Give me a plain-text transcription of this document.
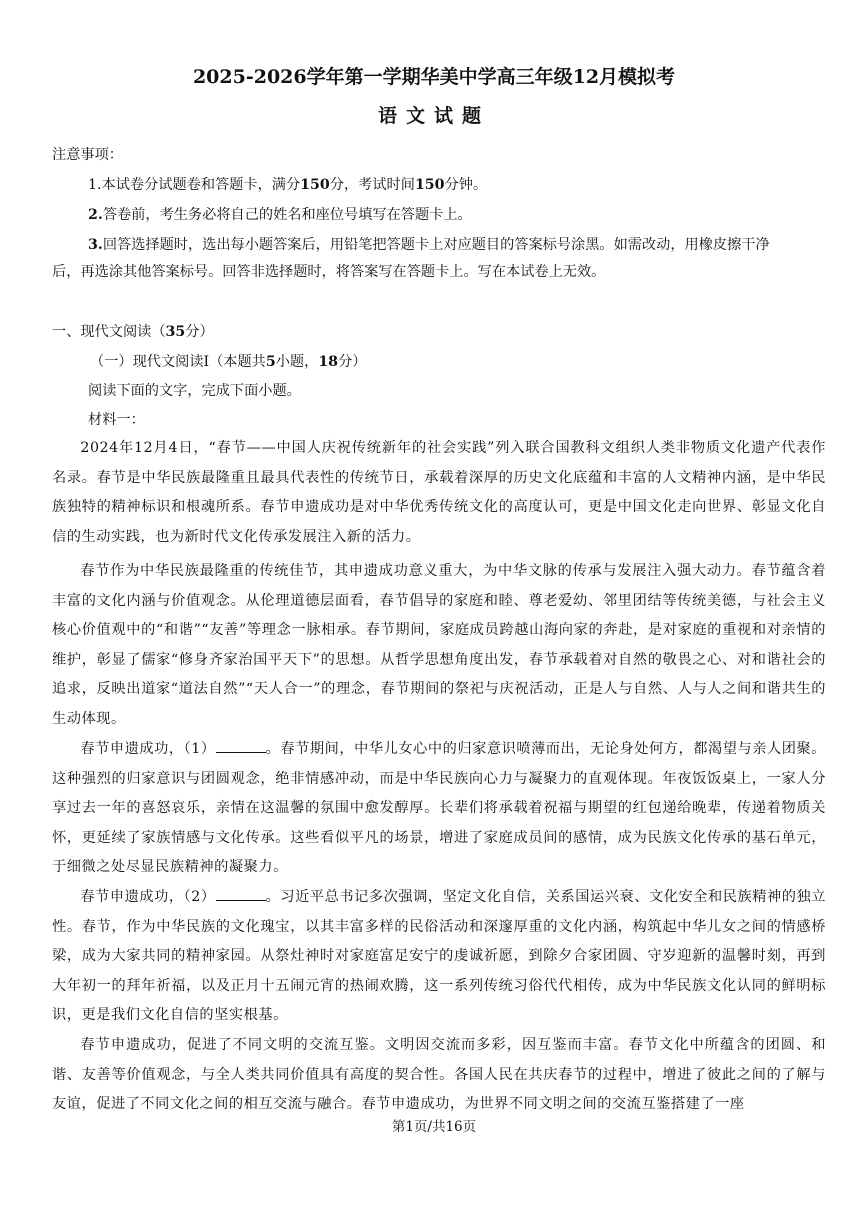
2025-2026学年第一学期华美中学高三年级12月模拟考
语文试题
注意事项：
1.本试卷分试题卷和答题卡，满分150分，考试时间150分钟。
2.答卷前，考生务必将自己的姓名和座位号填写在答题卡上。
3.回答选择题时，选出每小题答案后，用铅笔把答题卡上对应题目的答案标号涂黑。如需改动，用橡皮擦干净
后，再选涂其他答案标号。回答非选择题时，将答案写在答题卡上。写在本试卷上无效。
一、现代文阅读（35分）
（一）现代文阅读Ⅰ（本题共5小题，18分）
阅读下面的文字，完成下面小题。
材料一：
2024年12月4日，“春节——中国人庆祝传统新年的社会实践”列入联合国教科文组织人类非物质文化遗产代表作名录。春节是中华民族最隆重且最具代表性的传统节日，承载着深厚的历史文化底蕴和丰富的人文精神内涵，是中华民族独特的精神标识和根魂所系。春节申遗成功是对中华优秀传统文化的高度认可，更是中国文化走向世界、彰显文化自信的生动实践，也为新时代文化传承发展注入新的活力。
春节作为中华民族最隆重的传统佳节，其申遗成功意义重大，为中华文脉的传承与发展注入强大动力。春节蕴含着丰富的文化内涵与价值观念。从伦理道德层面看，春节倡导的家庭和睦、尊老爱幼、邻里团结等传统美德，与社会主义核心价值观中的“和谐”“友善”等理念一脉相承。春节期间，家庭成员跨越山海向家的奔赴，是对家庭的重视和对亲情的维护，彰显了儒家“修身齐家治国平天下”的思想。从哲学思想角度出发，春节承载着对自然的敬畏之心、对和谐社会的追求，反映出道家“道法自然”“天人合一”的理念，春节期间的祭祀与庆祝活动，正是人与自然、人与人之间和谐共生的生动体现。
春节申遗成功，（1）	。春节期间，中华儿女心中的归家意识喷薄而出，无论身处何方，都渴望与亲人团聚。这种强烈的归家意识与团圆观念，绝非情感冲动，而是中华民族向心力与凝聚力的直观体现。年夜饭饭桌上，一家人分享过去一年的喜怒哀乐，亲情在这温馨的氛围中愈发醇厚。长辈们将承载着祝福与期望的红包递给晚辈，传递着物质关怀，更延续了家族情感与文化传承。这些看似平凡的场景，增进了家庭成员间的感情，成为民族文化传承的基石单元，于细微之处尽显民族精神的凝聚力。
春节申遗成功，（2）	。习近平总书记多次强调，坚定文化自信，关系国运兴衰、文化安全和民族精神的独立性。春节，作为中华民族的文化瑰宝，以其丰富多样的民俗活动和深邃厚重的文化内涵，构筑起中华儿女之间的情感桥梁，成为大家共同的精神家园。从祭灶神时对家庭富足安宁的虔诚祈愿，到除夕合家团圆、守岁迎新的温馨时刻，再到大年初一的拜年祈福，以及正月十五闹元宵的热闹欢腾，这一系列传统习俗代代相传，成为中华民族文化认同的鲜明标识，更是我们文化自信的坚实根基。
春节申遗成功，促进了不同文明的交流互鉴。文明因交流而多彩，因互鉴而丰富。春节文化中所蕴含的团圆、和谐、友善等价值观念，与全人类共同价值具有高度的契合性。各国人民在共庆春节的过程中，增进了彼此之间的了解与友谊，促进了不同文化之间的相互交流与融合。春节申遗成功，为世界不同文明之间的交流互鉴搭建了一座
第1页/共16页
